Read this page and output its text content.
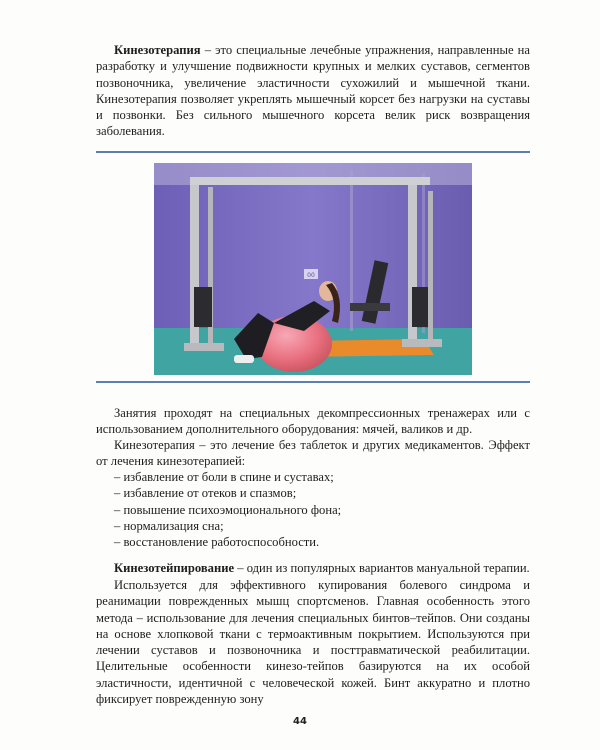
Кинезотерапия – это специальные лечебные упражнения, направленные на разработку и улучшение подвижности крупных и мелких суставов, сегментов позвоночника, увеличение эластичности сухожилий и мышечной ткани. Кинезотерапия позволяет укреплять мышечный корсет без нагрузки на суставы и позвонки. Без сильного мышечного корсета велик риск возвращения заболевания.

00

Занятия проходят на специальных декомпрессионных тренажерах или с использованием дополнительного оборудования: мячей, валиков и др.

Кинезотерапия – это лечение без таблеток и других медикаментов. Эффект от лечения кинезотерапией:

– избавление от боли в спине и суставах;
– избавление от отеков и спазмов;
– повышение психоэмоционального фона;
– нормализация сна;
– восстановление работоспособности.

Кинезотейпирование – один из популярных вариантов мануальной терапии.

Используется для эффективного купирования болевого синдрома и реанимации поврежденных мышц спортсменов. Главная особенность этого метода – использование для лечения специальных бинтов–тейпов. Они созданы на основе хлопковой ткани с термоактивным покрытием. Используются при лечении суставов и позвоночника и посттравматической реабилитации. Целительные особенности кинезо-тейпов базируются на их особой эластичности, идентичной с человеческой кожей. Бинт аккуратно и плотно фиксирует поврежденную зону

44
